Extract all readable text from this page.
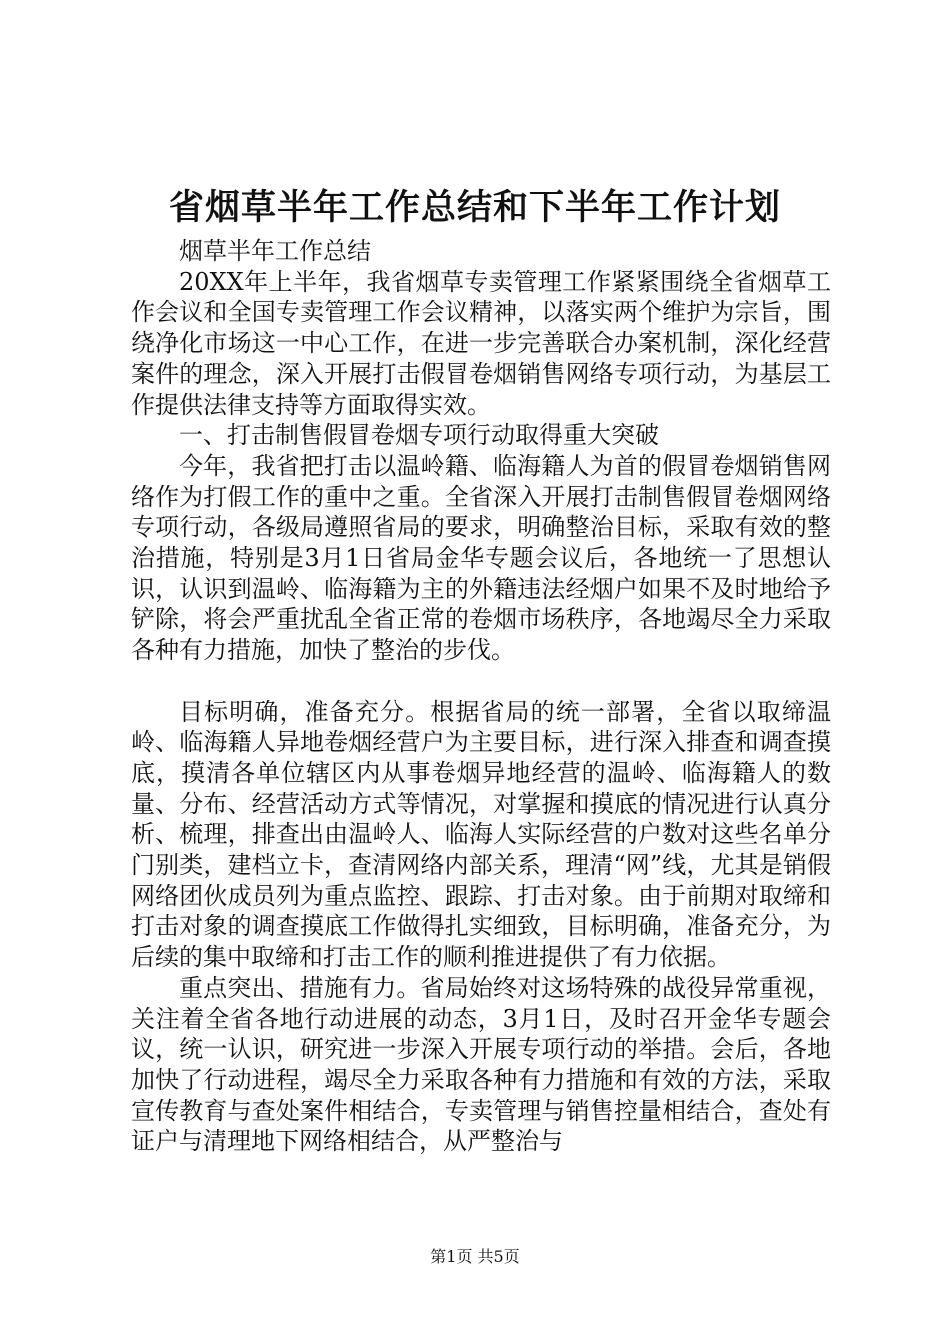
省烟草半年工作总结和下半年工作计划

烟草半年工作总结

20XX年上半年，我省烟草专卖管理工作紧紧围绕全省烟草工作会议和全国专卖管理工作会议精神，以落实两个维护为宗旨，围绕净化市场这一中心工作，在进一步完善联合办案机制，深化经营案件的理念，深入开展打击假冒卷烟销售网络专项行动，为基层工作提供法律支持等方面取得实效。

一、打击制售假冒卷烟专项行动取得重大突破

今年，我省把打击以温岭籍、临海籍人为首的假冒卷烟销售网络作为打假工作的重中之重。全省深入开展打击制售假冒卷烟网络专项行动，各级局遵照省局的要求，明确整治目标，采取有效的整治措施，特别是3月1日省局金华专题会议后，各地统一了思想认识，认识到温岭、临海籍为主的外籍违法经烟户如果不及时地给予铲除，将会严重扰乱全省正常的卷烟市场秩序，各地竭尽全力采取各种有力措施，加快了整治的步伐。

目标明确，准备充分。根据省局的统一部署，全省以取缔温岭、临海籍人异地卷烟经营户为主要目标，进行深入排查和调查摸底，摸清各单位辖区内从事卷烟异地经营的温岭、临海籍人的数量、分布、经营活动方式等情况，对掌握和摸底的情况进行认真分析、梳理，排查出由温岭人、临海人实际经营的户数对这些名单分门别类，建档立卡，查清网络内部关系，理清“网”线，尤其是销假网络团伙成员列为重点监控、跟踪、打击对象。由于前期对取缔和打击对象的调查摸底工作做得扎实细致，目标明确，准备充分，为后续的集中取缔和打击工作的顺利推进提供了有力依据。

重点突出、措施有力。省局始终对这场特殊的战役异常重视，关注着全省各地行动进展的动态，3月1日，及时召开金华专题会议，统一认识，研究进一步深入开展专项行动的举措。会后，各地加快了行动进程，竭尽全力采取各种有力措施和有效的方法，采取宣传教育与查处案件相结合，专卖管理与销售控量相结合，查处有证户与清理地下网络相结合，从严整治与

第1页 共5页
